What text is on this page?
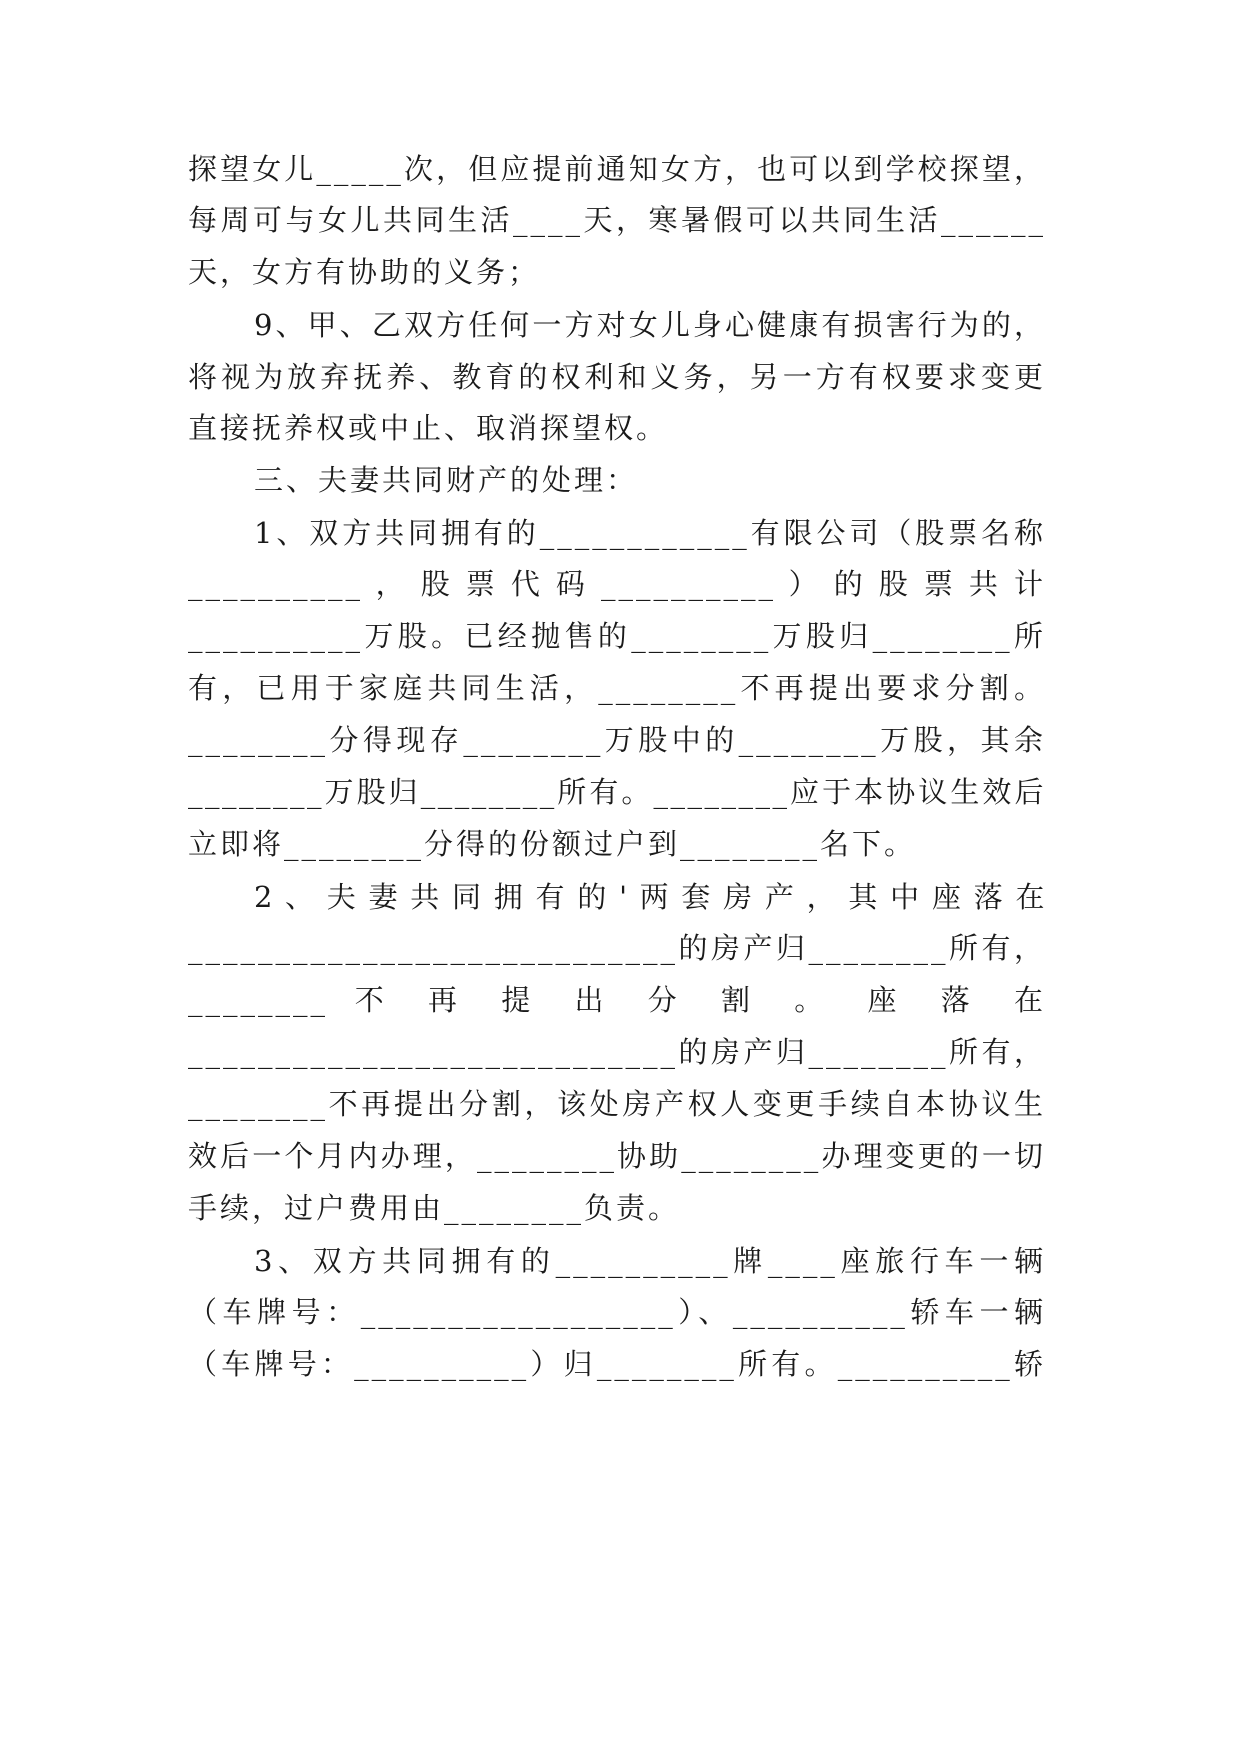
探望女儿_____次，但应提前通知女方，也可以到学校探望，
每周可与女儿共同生活____天，寒暑假可以共同生活______
天，女方有协助的义务；
9、甲、乙双方任何一方对女儿身心健康有损害行为的，
将视为放弃抚养、教育的权利和义务，另一方有权要求变更
直接抚养权或中止、取消探望权。
三、夫妻共同财产的处理：
1、双方共同拥有的____________有限公司（股票名称
__________ ， 股 票 代 码 __________ ） 的 股 票 共 计
__________万股。已经抛售的________万股归________所
有，已用于家庭共同生活，________不再提出要求分割。
________分得现存________万股中的________万股，其余
________万股归________所有。________应于本协议生效后
立即将________分得的份额过户到________名下。
2 、 夫 妻 共 同 拥 有 的 ' 两 套 房 产 ， 其 中 座 落 在
____________________________的房产归________所有，
________ 不 再 提 出 分 割 。 座 落 在
____________________________的房产归________所有，
________不再提出分割，该处房产权人变更手续自本协议生
效后一个月内办理，________协助________办理变更的一切
手续，过户费用由________负责。
3、双方共同拥有的__________牌____座旅行车一辆
（车牌号：__________________）、__________轿车一辆
（车牌号：__________）归________所有。__________轿
